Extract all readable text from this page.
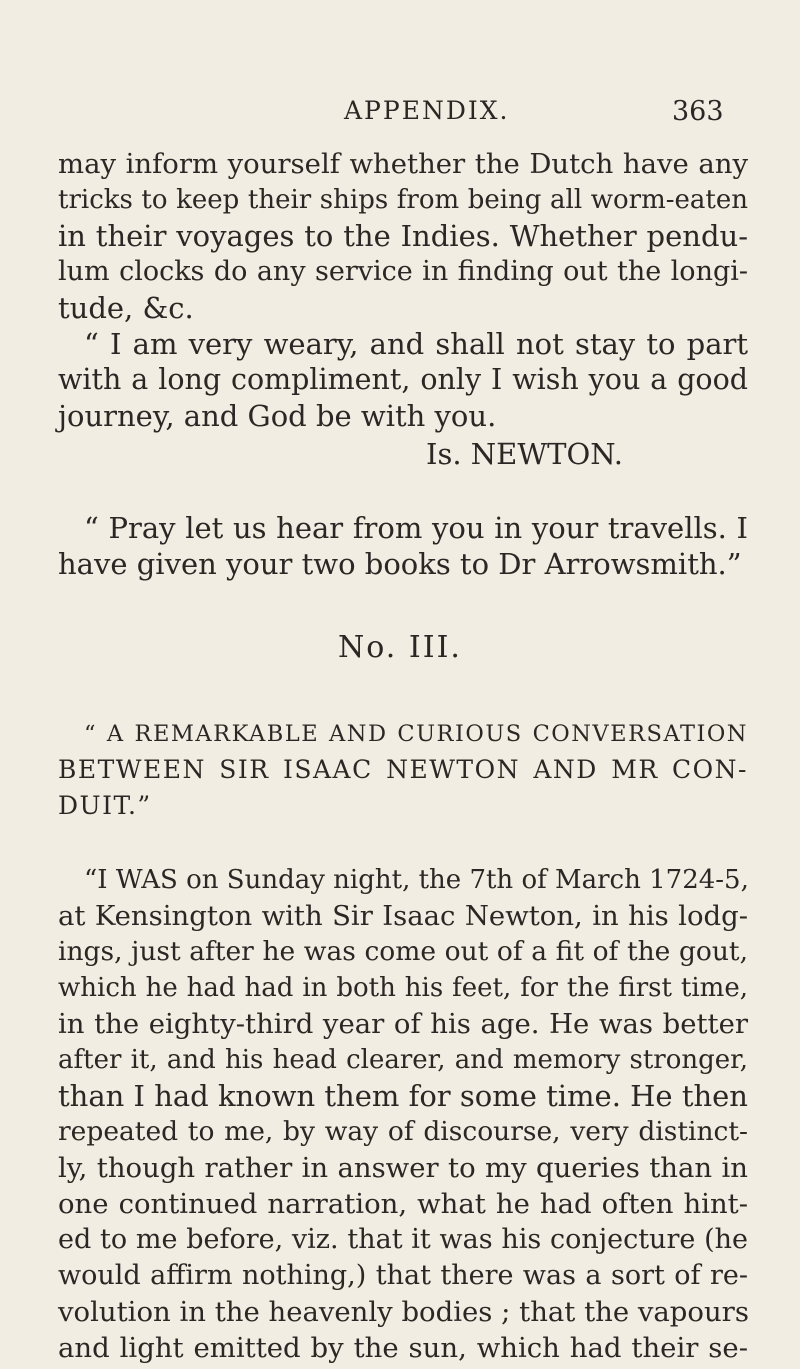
APPENDIX.	363
may inform yourself whether the Dutch have any
tricks to keep their ships from being all worm-eaten
in their voyages to the Indies. Whether pendu-
lum clocks do any service in finding out the longi-
tude, &c.
“ I am very weary, and shall not stay to part
with a long compliment, only I wish you a good
journey, and God be with you.
Is. NEWTON.
“ Pray let us hear from you in your travells. I
have given your two books to Dr Arrowsmith.”
No. III.
“ A REMARKABLE AND CURIOUS CONVERSATION
BETWEEN SIR ISAAC NEWTON AND MR CON-
DUIT.”
“I WAS on Sunday night, the 7th of March 1724-5,
at Kensington with Sir Isaac Newton, in his lodg-
ings, just after he was come out of a fit of the gout,
which he had had in both his feet, for the first time,
in the eighty-third year of his age. He was better
after it, and his head clearer, and memory stronger,
than I had known them for some time. He then
repeated to me, by way of discourse, very distinct-
ly, though rather in answer to my queries than in
one continued narration, what he had often hint-
ed to me before, viz. that it was his conjecture (he
would affirm nothing,) that there was a sort of re-
volution in the heavenly bodies ; that the vapours
and light emitted by the sun, which had their se-
